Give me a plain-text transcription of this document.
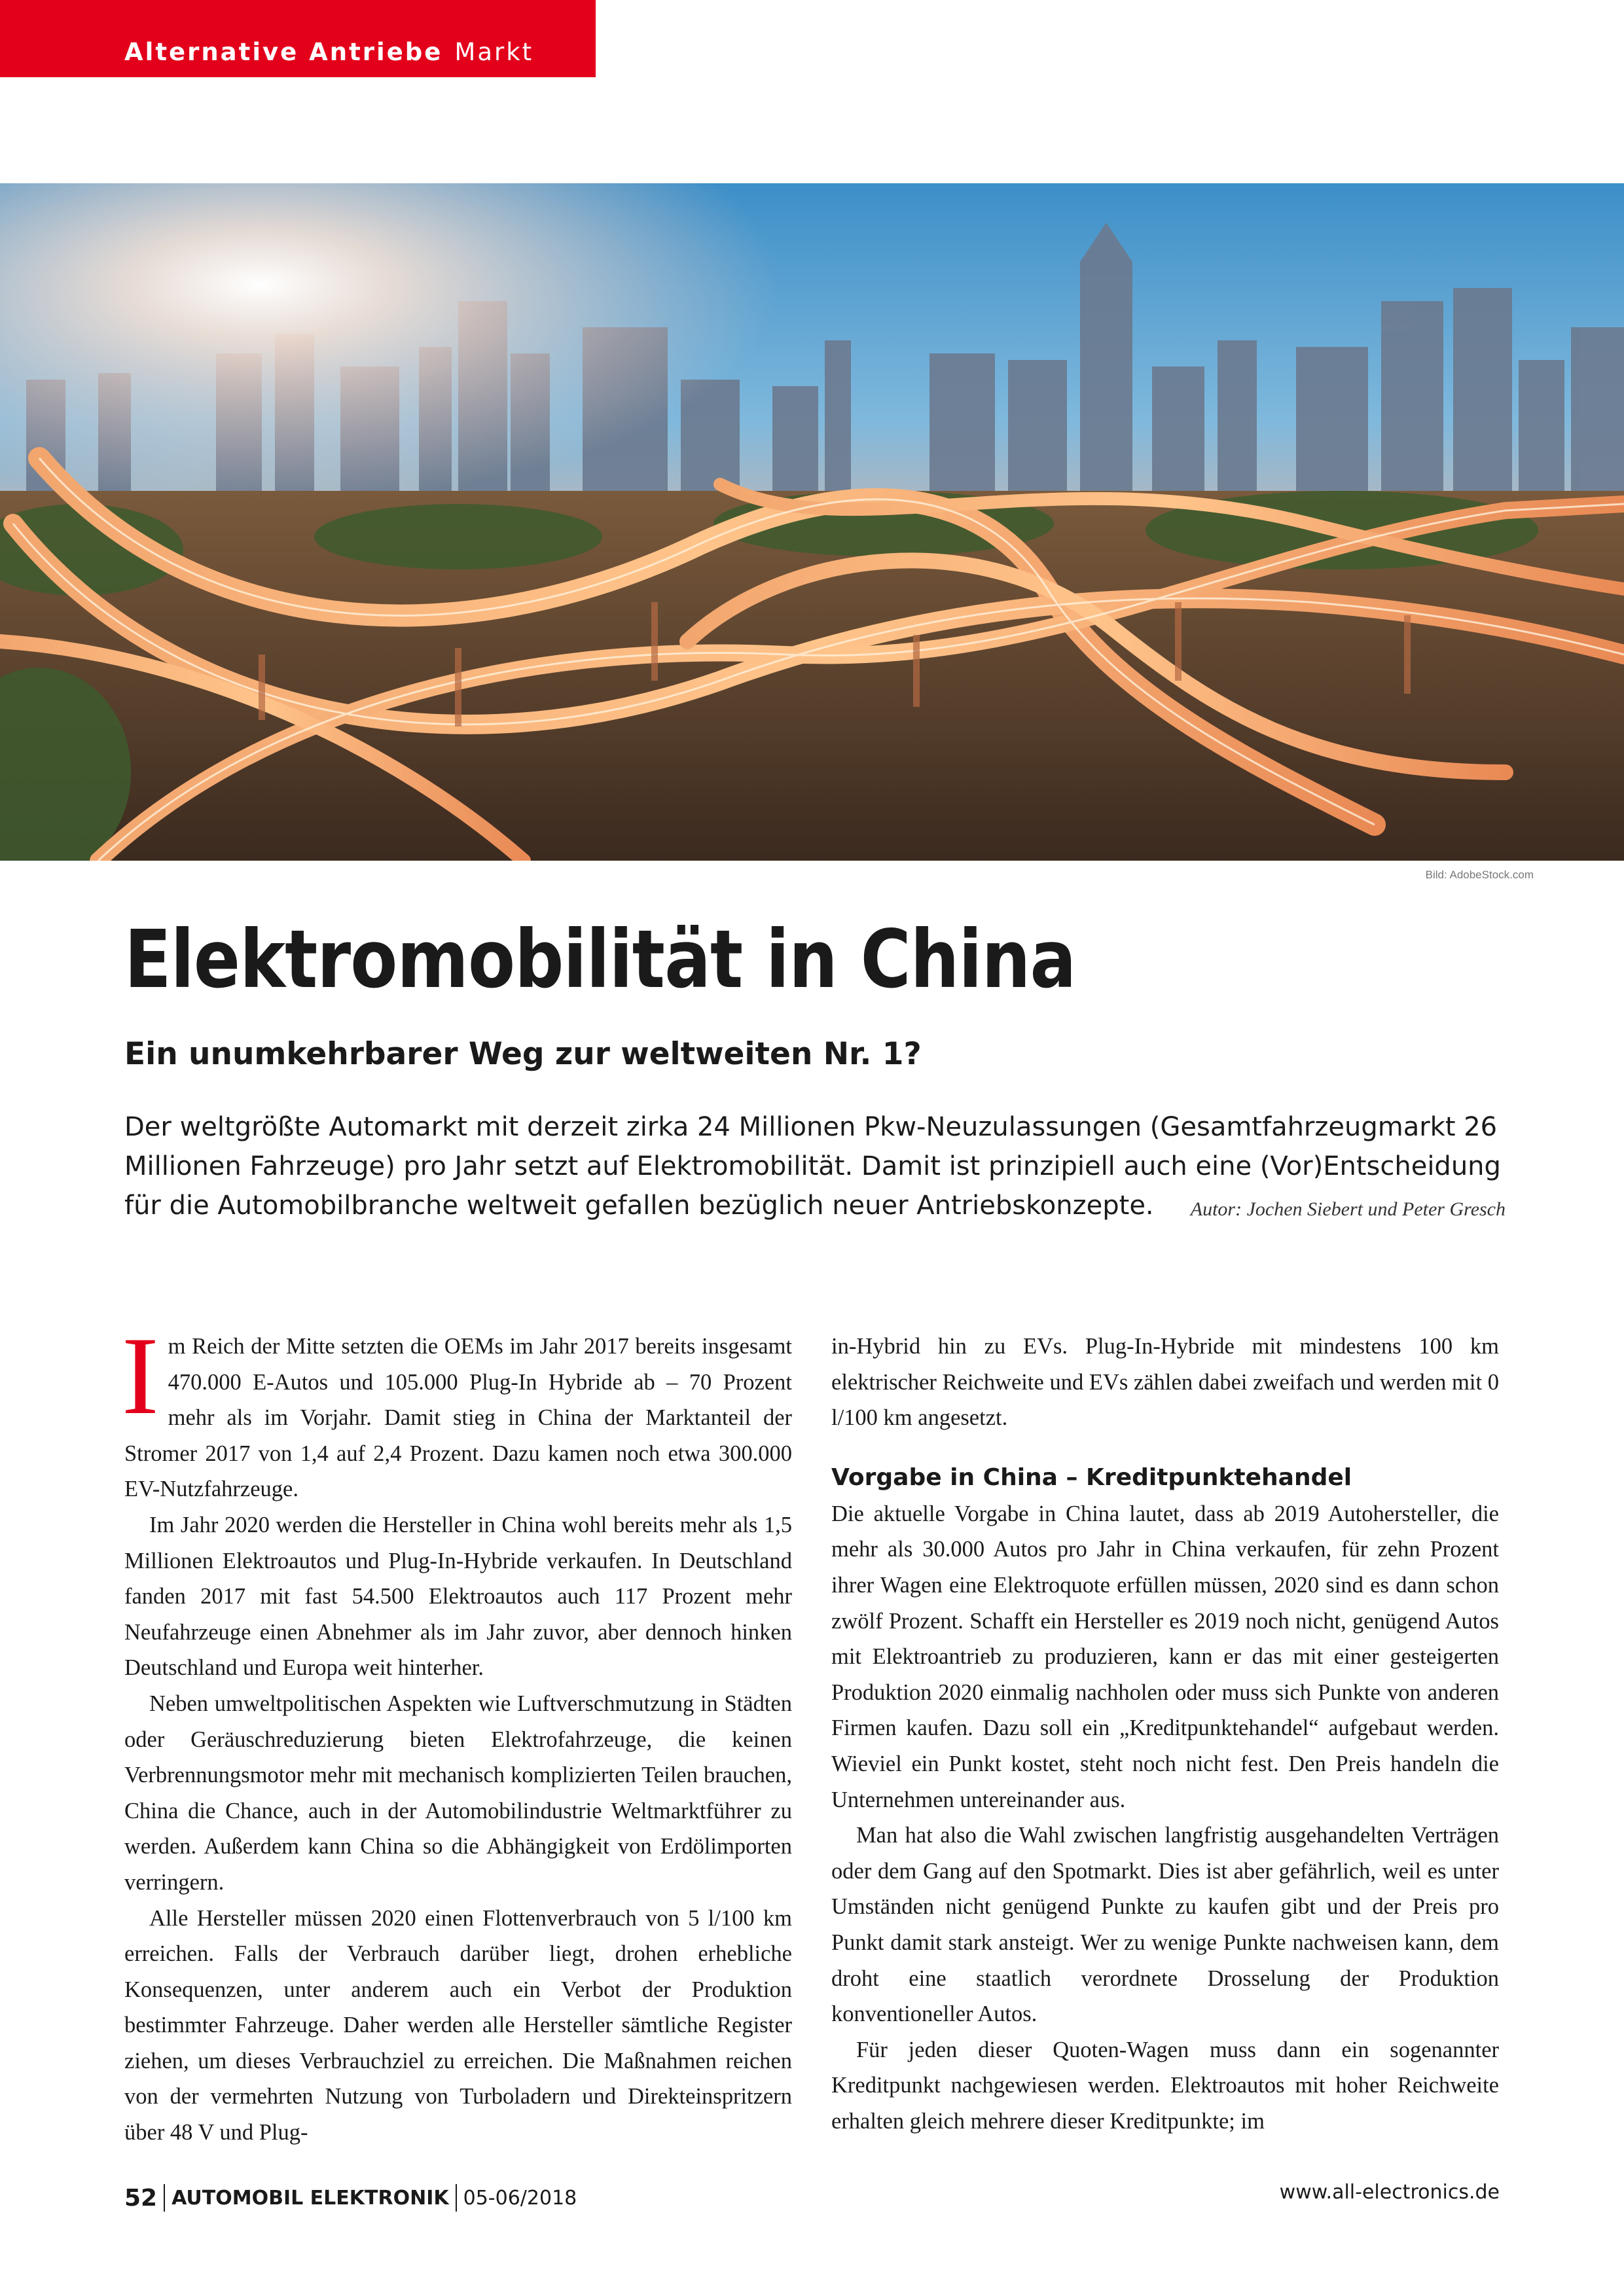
Alternative Antriebe Markt
Bild: AdobeStock.com
Elektromobilität in China
Ein unumkehrbarer Weg zur weltweiten Nr. 1?
Der weltgrößte Automarkt mit derzeit zirka 24 Millionen Pkw-Neuzulassungen (Gesamtfahrzeugmarkt 26 Millionen Fahrzeuge) pro Jahr setzt auf Elektromobilität. Damit ist prinzipiell auch eine (Vor)Entscheidung für die Automobilbranche weltweit gefallen bezüglich neuer Antriebskonzepte. Autor: Jochen Siebert und Peter Gresch

Im Reich der Mitte setzten die OEMs im Jahr 2017 bereits insgesamt 470.000 E-Autos und 105.000 Plug-In Hybride ab – 70 Prozent mehr als im Vorjahr. Damit stieg in China der Marktanteil der Stromer 2017 von 1,4 auf 2,4 Prozent. Dazu kamen noch etwa 300.000 EV-Nutzfahrzeuge.

Im Jahr 2020 werden die Hersteller in China wohl bereits mehr als 1,5 Millionen Elektroautos und Plug-In-Hybride verkaufen. In Deutschland fanden 2017 mit fast 54.500 Elektroautos auch 117 Prozent mehr Neufahrzeuge einen Abnehmer als im Jahr zuvor, aber dennoch hinken Deutschland und Europa weit hinterher.

Neben umweltpolitischen Aspekten wie Luftverschmutzung in Städten oder Geräuschreduzierung bieten Elektrofahrzeuge, die keinen Verbrennungsmotor mehr mit mechanisch komplizierten Teilen brauchen, China die Chance, auch in der Automobilindustrie Weltmarktführer zu werden. Außerdem kann China so die Abhängigkeit von Erdölimporten verringern.

Alle Hersteller müssen 2020 einen Flottenverbrauch von 5 l/100 km erreichen. Falls der Verbrauch darüber liegt, drohen erhebliche Konsequenzen, unter anderem auch ein Verbot der Produktion bestimmter Fahrzeuge. Daher werden alle Hersteller sämtliche Register ziehen, um dieses Verbrauchziel zu erreichen. Die Maßnahmen reichen von der vermehrten Nutzung von Turboladern und Direkteinspritzern über 48 V und Plug-

in-Hybrid hin zu EVs. Plug-In-Hybride mit mindestens 100 km elektrischer Reichweite und EVs zählen dabei zweifach und werden mit 0 l/100 km angesetzt.

Vorgabe in China – Kreditpunktehandel

Die aktuelle Vorgabe in China lautet, dass ab 2019 Autohersteller, die mehr als 30.000 Autos pro Jahr in China verkaufen, für zehn Prozent ihrer Wagen eine Elektroquote erfüllen müssen, 2020 sind es dann schon zwölf Prozent. Schafft ein Hersteller es 2019 noch nicht, genügend Autos mit Elektroantrieb zu produzieren, kann er das mit einer gesteigerten Produktion 2020 einmalig nachholen oder muss sich Punkte von anderen Firmen kaufen. Dazu soll ein „Kreditpunktehandel“ aufgebaut werden. Wieviel ein Punkt kostet, steht noch nicht fest. Den Preis handeln die Unternehmen untereinander aus.

Man hat also die Wahl zwischen langfristig ausgehandelten Verträgen oder dem Gang auf den Spotmarkt. Dies ist aber gefährlich, weil es unter Umständen nicht genügend Punkte zu kaufen gibt und der Preis pro Punkt damit stark ansteigt. Wer zu wenige Punkte nachweisen kann, dem droht eine staatlich verordnete Drosselung der Produktion konventioneller Autos.

Für jeden dieser Quoten-Wagen muss dann ein sogenannter Kreditpunkt nachgewiesen werden. Elektroautos mit hoher Reichweite erhalten gleich mehrere dieser Kreditpunkte; im

52 AUTOMOBIL ELEKTRONIK 05-06/2018	www.all-electronics.de
